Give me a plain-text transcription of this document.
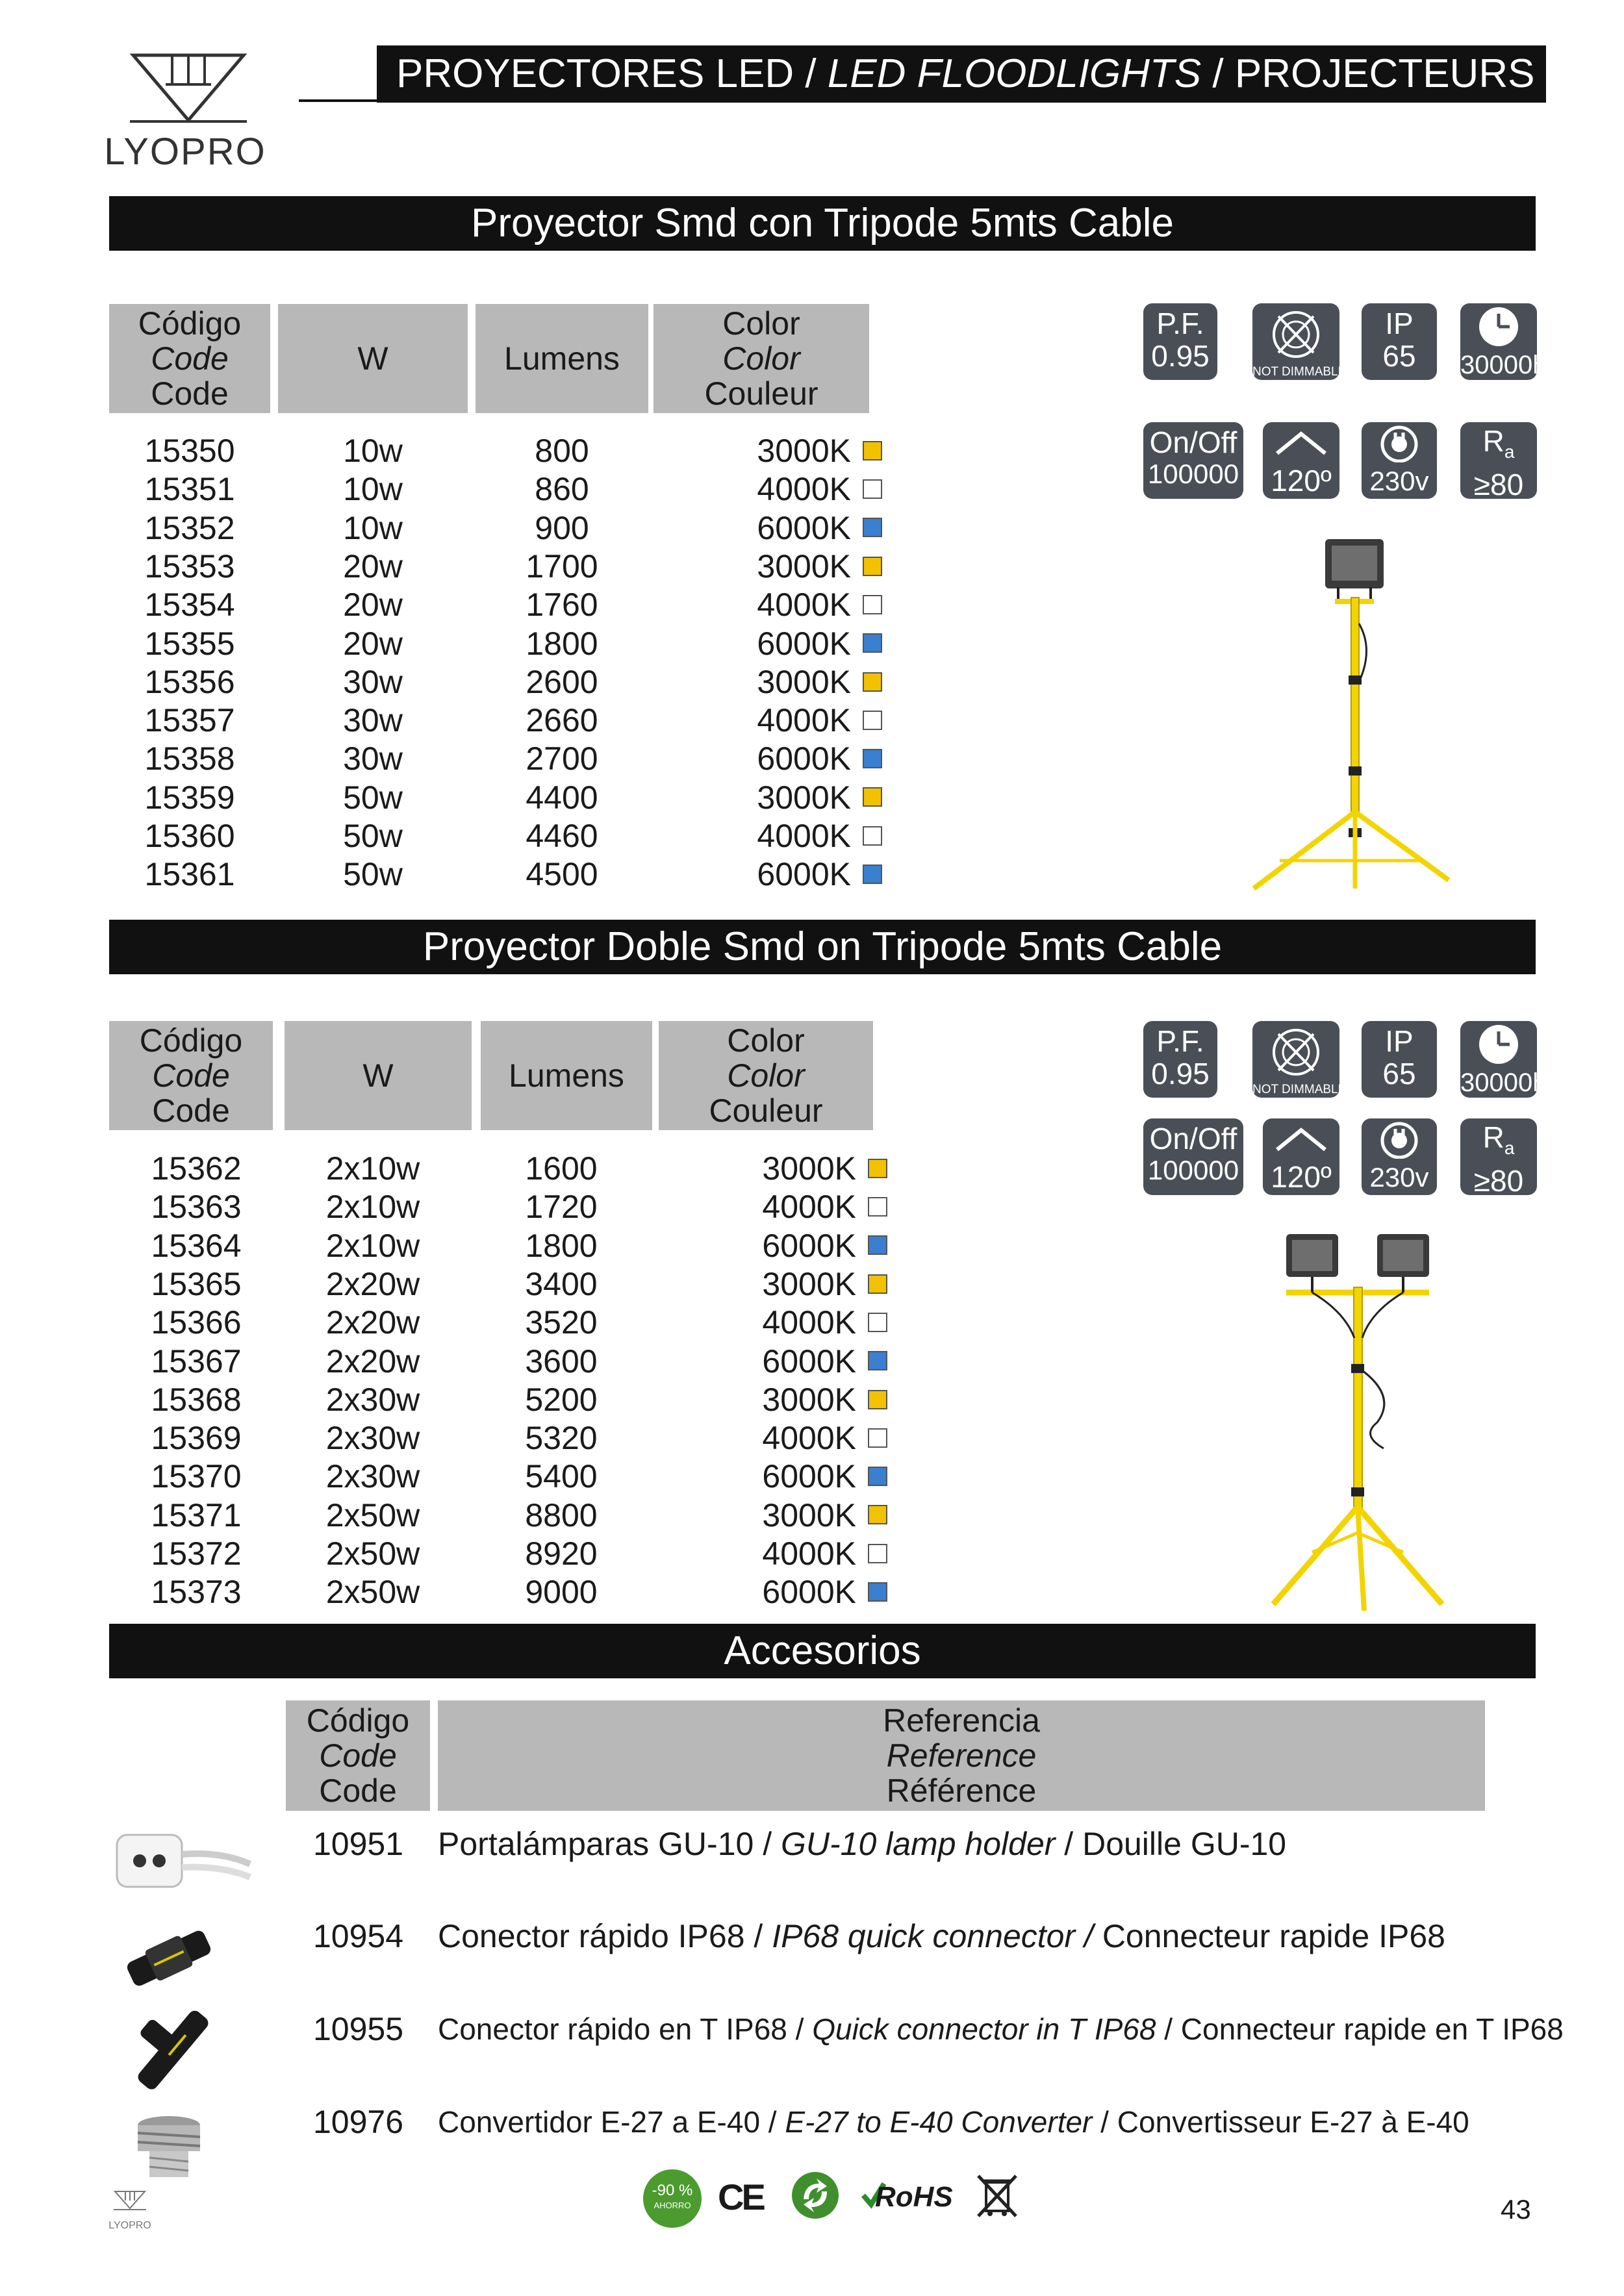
LYOPRO
PROYECTORES LED / LED FLOODLIGHTS / PROJECTEURS LED
Proyector Smd con Tripode 5mts Cable
Código
Code
Code
W	Lumens
Color
Color
Couleur
15350	10w	800	3000K
15351	10w	860	4000K
15352	10w	900	6000K
15353	20w	1700	3000K
15354	20w	1760	4000K
15355	20w	1800	6000K
15356	30w	2600	3000K
15357	30w	2660	4000K
15358	30w	2700	6000K
15359	50w	4400	3000K
15360	50w	4460	4000K
15361	50w	4500	6000K
P.F.
0.95	NOT DIMMABLE
IP
65	30000h
On/Off
100000 120º 230v
$R_a$
≥80
Proyector Doble Smd on Tripode 5mts Cable
Código
Code
Code
W	Lumens
Color
Color
Couleur
15362	2x10w	1600	3000K
15363	2x10w	1720	4000K
15364	2x10w	1800	6000K
15365	2x20w	3400	3000K
15366	2x20w	3520	4000K
15367	2x20w	3600	6000K
15368	2x30w	5200	3000K
15369	2x30w	5320	4000K
15370	2x30w	5400	6000K
15371	2x50w	8800	3000K
15372	2x50w	8920	4000K
15373	2x50w	9000	6000K
P.F.
0.95	NOT DIMMABLE
IP
65	30000h
On/Off
100000 120º 230v
$R_a$
≥80
Accesorios
Código
Code
Code
Referencia
Reference
Référence
10951 Portalámparas GU-10 / GU-10 lamp holder / Douille GU-10
10954 Conector rápido IP68 / IP68 quick connector / Connecteur rapide IP68
10955 Conector rápido en T IP68 / Quick connector in T IP68 / Connecteur rapide en T IP68
10976 Convertidor E-27 a E-40 / E-27 to E-40 Converter / Convertisseur E-27 à E-40
LYOPRO
-90 %
AHORRO CE	RoHS	43
